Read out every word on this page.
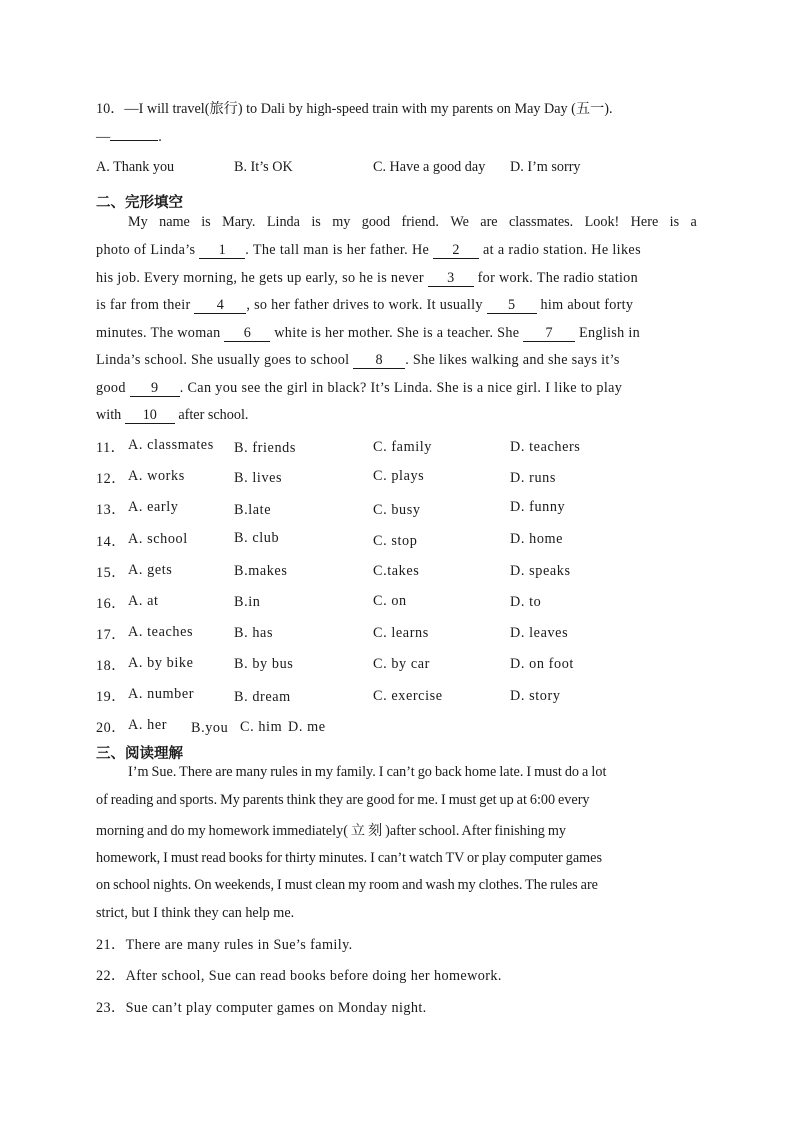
10．—I will travel(旅行) to Dali by high-speed train with my parents on May Day (五一).
—	.
A. Thank you	B. It’s OK	C. Have a good day D. I’m sorry
二、完形填空
My name is Mary. Linda is my good friend. We are classmates. Look! Here is a
photo of Linda’s 1 . The tall man is her father. He 2 at a radio station. He likes
his job. Every morning, he gets up early, so he is never 3 for work. The radio station
is far from their 4 , so her father drives to work. It usually 5 him about forty
minutes. The woman 6 white is her mother. She is a teacher. She 7 English in
Linda’s school. She usually goes to school 8 . She likes walking and she says it’s
good 9 . Can you see the girl in black? It’s Linda. She is a nice girl. I like to play
with 10 after school.
11． A. classmates B. friends	C. family	D. teachers
12． A. works	B. lives	C. plays	D. runs
13． A. early	B.late	C. busy	D. funny
14． A. school	B. club	C. stop	D. home
15． A. gets	B.makes	C.takes	D. speaks
16． A. at	B.in	C. on	D. to
17． A. teaches	B. has	C. learns	D. leaves
18． A. by bike	B. by bus	C. by car	D. on foot
19． A. number	B. dream	C. exercise	D. story
20． A. her B.you C. him D. me
三、阅读理解
I’m Sue. There are many rules in my family. I can’t go back home late. I must do a lot
of reading and sports. My parents think they are good for me. I must get up at 6:00 every
morning and do my homework immediately( 立 刻 )after school. After finishing my
homework, I must read books for thirty minutes. I can’t watch TV or play computer games
on school nights. On weekends, I must clean my room and wash my clothes. The rules are
strict, but I think they can help me.
21．There are many rules in Sue’s family.
22．After school, Sue can read books before doing her homework.
23．Sue can’t play computer games on Monday night.
